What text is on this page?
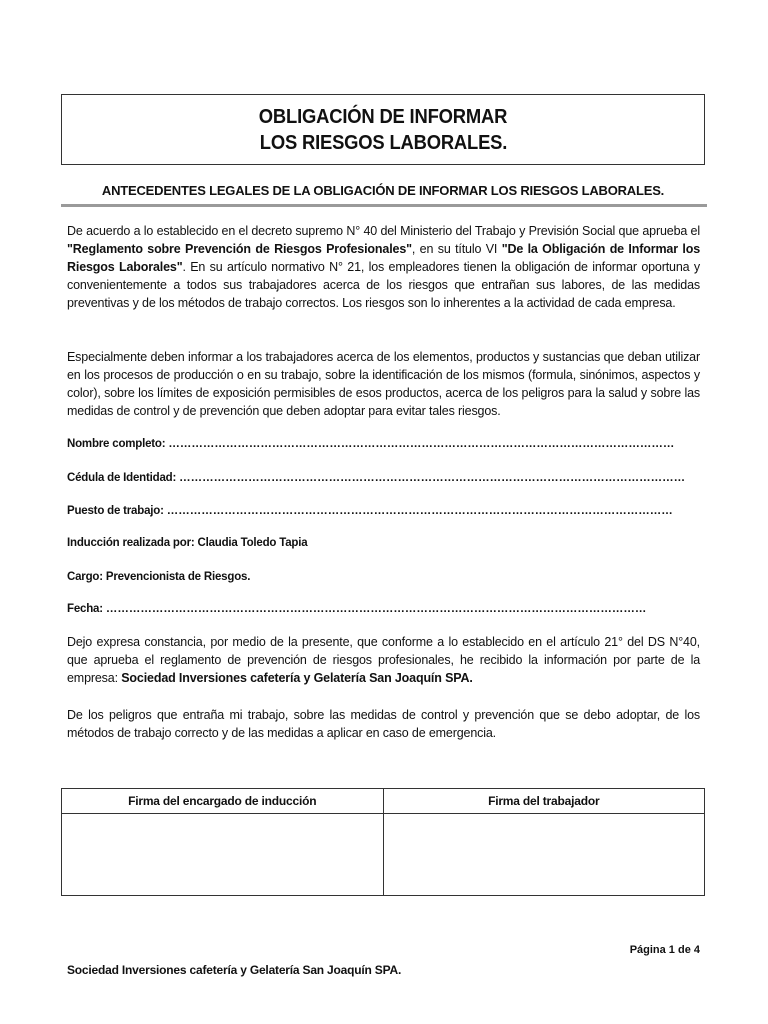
OBLIGACIÓN DE INFORMAR
LOS RIESGOS LABORALES.
ANTECEDENTES LEGALES DE LA OBLIGACIÓN DE INFORMAR LOS RIESGOS LABORALES.
De acuerdo a lo establecido en el decreto supremo N° 40 del Ministerio del Trabajo y Previsión Social que aprueba el "Reglamento sobre Prevención de Riesgos Profesionales", en su título VI "De la Obligación de Informar los Riesgos Laborales". En su artículo normativo N° 21, los empleadores tienen la obligación de informar oportuna y convenientemente a todos sus trabajadores acerca de los riesgos que entrañan sus labores, de las medidas preventivas y de los métodos de trabajo correctos. Los riesgos son lo inherentes a la actividad de cada empresa.
Especialmente deben informar a los trabajadores acerca de los elementos, productos y sustancias que deban utilizar en los procesos de producción o en su trabajo, sobre la identificación de los mismos (formula, sinónimos, aspectos y color), sobre los límites de exposición permisibles de esos productos, acerca de los peligros para la salud y sobre las medidas de control y de prevención que deben adoptar para evitar tales riesgos.
Nombre completo: ……………………………………………………………………………………………………………………
Cédula de Identidad: ……………………………………………………………………………………………………………………
Puesto de trabajo: ……………………………………………………………………………………………………………………
Inducción realizada por: Claudia Toledo Tapia
Cargo: Prevencionista de Riesgos.
Fecha: ……………………………………………………………………………………………………………………………
Dejo expresa constancia, por medio de la presente, que conforme a lo establecido en el artículo 21° del DS N°40, que aprueba el reglamento de prevención de riesgos profesionales, he recibido la información por parte de la empresa: Sociedad Inversiones cafetería y Gelatería San Joaquín SPA.
De los peligros que entraña mi trabajo, sobre las medidas de control y prevención que se debo adoptar, de los métodos de trabajo correcto y de las medidas a aplicar en caso de emergencia.
Firma del encargado de inducción	Firma del trabajador
Página 1 de 4
Sociedad Inversiones cafetería y Gelatería San Joaquín SPA.
